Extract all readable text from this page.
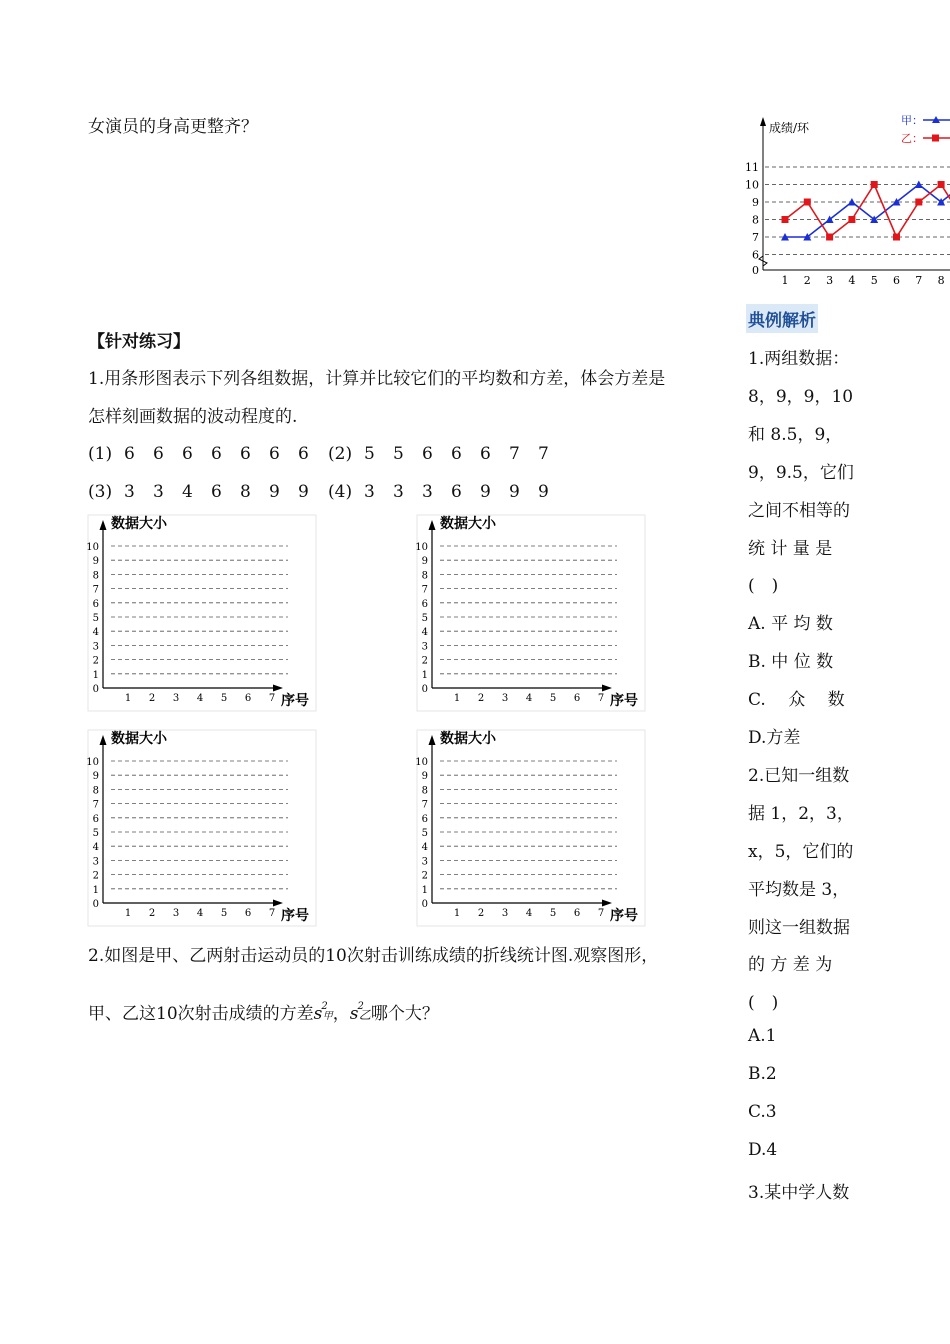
女演员的身高更整齐？
【针对练习】
1.用条形图表示下列各组数据，计算并比较它们的平均数和方差，体会方差是
怎样刻画数据的波动程度的.
(1) 6 6 6 6 6 6 6 (2) 5 5 6 6 6 7 7
(3) 3 3 4 6 8 9 9 (4) 3 3 3 6 9 9 9
数据大小
序号
0
1
2
3
4
5
6
7
8
9
10
1 2 3 4 5 6 7
数据大小
序号
0
1
2
3
4
5
6
7
8
9
10
1 2 3 4 5 6 7
数据大小
序号
0
1
2
3
4
5
6
7
8
9
10
1 2 3 4 5 6 7
数据大小
序号
0
1
2
3
4
5
6
7
8
9
10
1 2 3 4 5 6 7
2.如图是甲、乙两射击运动员的10次射击训练成绩的折线统计图.观察图形，
甲、乙这10次射击成绩的方差$s^2$甲，$s^2$乙哪个大？
成绩/环
0
6
7
8
9
10
11
1 2 3 4 5 6 7 8
甲：
乙：
典例解析
1.两组数据：
8，9，9，10
和 8.5，9，
9，9.5，它们
之间不相等的
统 计 量 是
(　)
A. 平 均 数
B. 中 位 数
C.　 众　 数
D.方差
2.已知一组数
据 1，2，3，
x，5，它们的
平均数是 3，
则这一组数据
的 方 差 为
(　)
A.1
B.2
C.3
D.4
3.某中学人数
